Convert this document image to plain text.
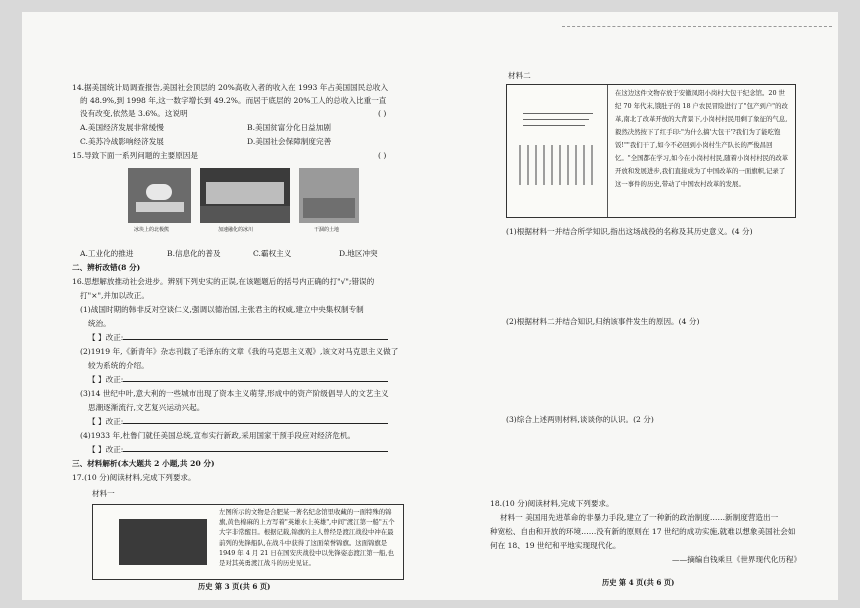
14.据美国统计局调查报告,美国社会顶层的 20%高收入者的收入在 1993 年占美国国民总收入
的 48.9%,到 1998 年,这一数字增长到 49.2%。而居于底层的 20%工人的总收入比重一直
没有改变,依然是 3.6%。这说明	( )
A.美国经济发展非常缓慢	B.美国贫富分化日益加剧
C.美苏冷战影响经济发展	D.美国社会保障制度完善
15.导致下面一系列问题的主要原因是	( )
冰块上的北极熊	加速融化的冰川	干涸的土地
A.工业化的推进	B.信息化的普及	C.霸权主义	D.地区冲突
二、辨析改错(8 分)
16.思想解放推动社会进步。辨别下列史实的正误,在该题题后的括号内正确的打"√";错误的
打"×",并加以改正。
(1)战国时期的韩非反对空谈仁义,强调以德治国,主张君主的权威,建立中央集权制专制
统治。
【 】改正:
(2)1919 年,《新青年》杂志刊载了毛泽东的文章《我的马克思主义观》,该文对马克思主义做了
较为系统的介绍。
【 】改正:
(3)14 世纪中叶,意大利的一些城市出现了资本主义萌芽,形成中的资产阶级倡导人的文艺主义
思潮逐渐流行,文艺复兴运动兴起。
【 】改正:
(4)1933 年,杜鲁门就任美国总统,宣布实行新政,采用国家干预手段应对经济危机。
【 】改正:
三、材料解析(本大题共 2 小题,共 20 分)
17.(10 分)阅读材料,完成下列要求。
材料一
左图所示的文物是合肥某一著名纪念馆里收藏的一面特殊的锦旗,黄色棉麻的上方写着"英雄水上英雄",中间"渡江第一船"五个大字非常醒目。根据记载,锦旗的主人曾经是渡江战役中冲在最前列的先锋船队,在战斗中获得了这面荣誉锦旗。这面锦旗是 1949 年 4 月 21 日在国安庆战役中以先锋姿态渡江第一船,也是对其英勇渡江战斗的历史见证。
历史 第 3 页(共 6 页)
材料二
在这边这件文物存放于安徽凤阳小岗村大包干纪念馆。20 世纪 70 年代末,饿肚子的 18 户农民冒险进行了"包产到户"的改革,南北了改革开放的大背景下,小岗村村民用剩了象征的气息,毅然决然按下了红手印:"为什么搞'大包干'?我们为了能吃饱饭!""我们干了,如今不必回到小岗村生产队长的严俊昌回忆。"全国都在学习,如今在小岗村村民,随着小岗村村民的改革开放和发展进步,我们直接成为了中国改革的一面旗帜,记录了这一事件的历史,带动了中国农村改革的发展。
(1)根据材料一并结合所学知识,指出这场战役的名称及其历史意义。(4 分)
(2)根据材料二并结合知识,归纳该事件发生的原因。(4 分)
(3)综合上述两则材料,谈谈你的认识。(2 分)
18.(10 分)阅读材料,完成下列要求。
材料一 美国用先进革命的非暴力手段,建立了一种新的政治制度……新制度营造出一
种宽松、自由和开放的环境……没有新的原则在 17 世纪的成功实施,就难以想象美国社会如
何在 18、19 世纪和平地实现现代化。
——摘编自钱乘旦《世界现代化历程》
历史 第 4 页(共 6 页)
